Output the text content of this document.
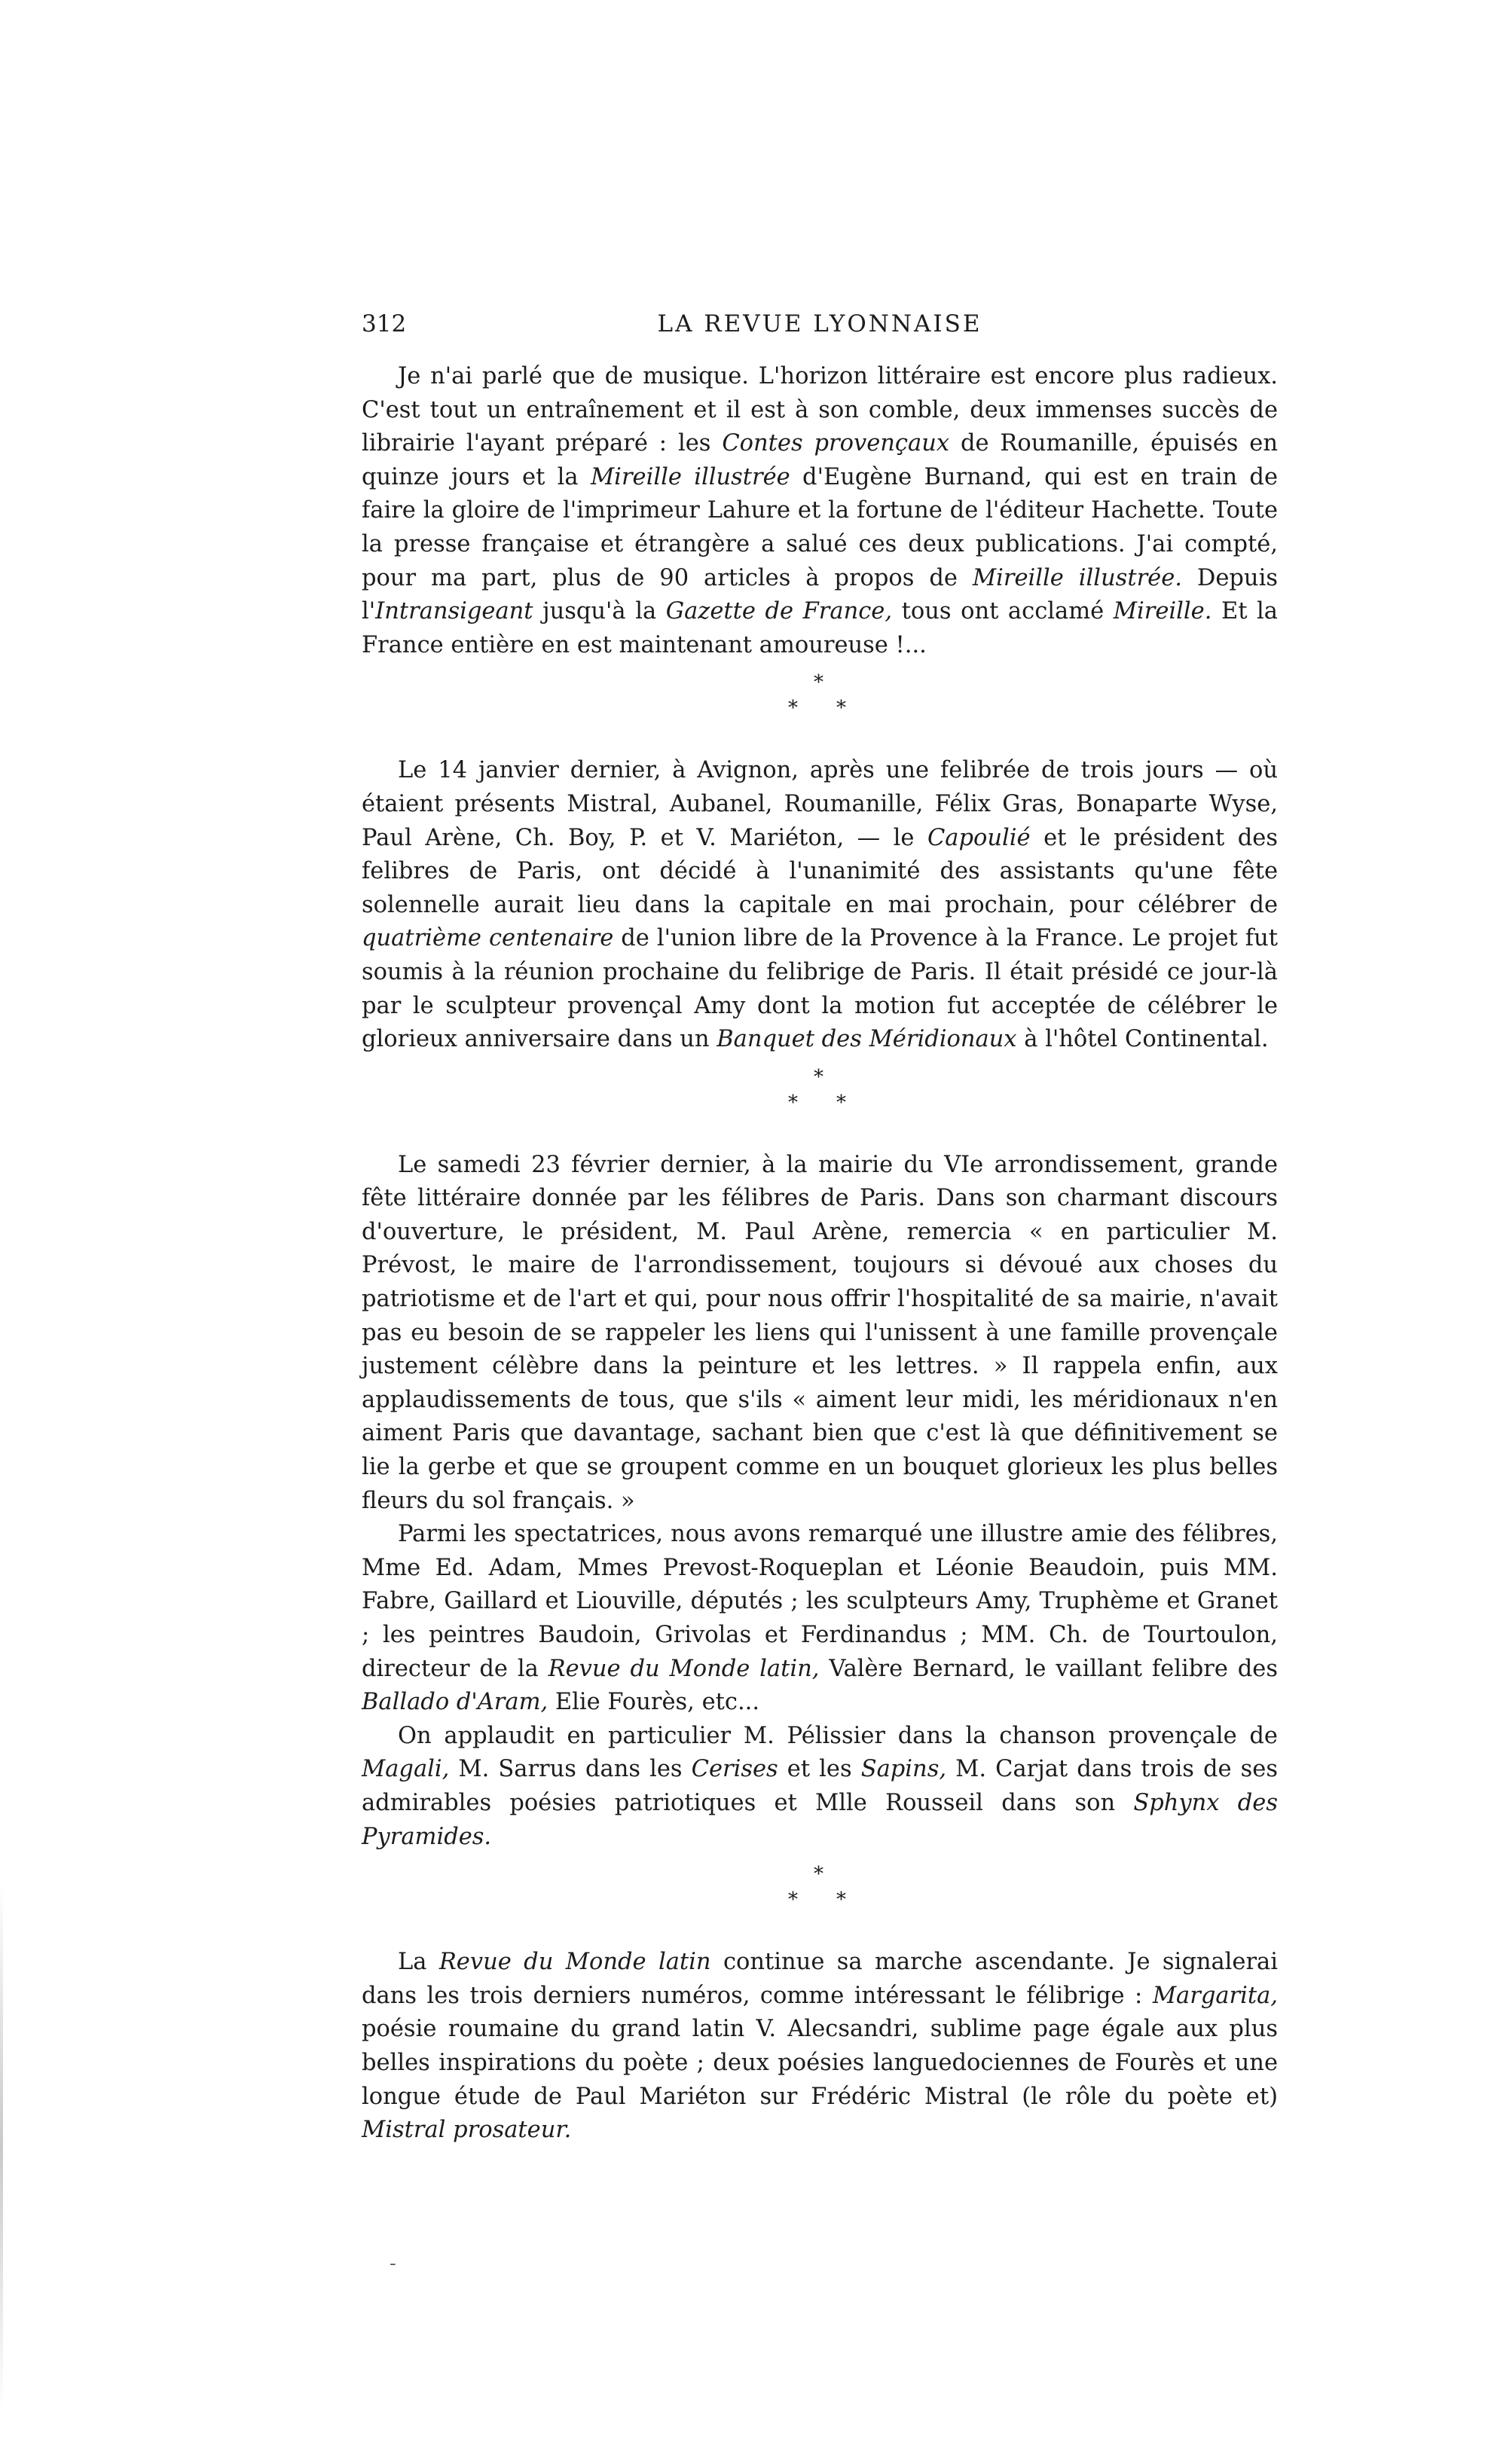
312	LA REVUE LYONNAISE

Je n'ai parlé que de musique. L'horizon littéraire est encore plus radieux. C'est tout un entraînement et il est à son comble, deux immenses succès de librairie l'ayant préparé : les Contes provençaux de Roumanille, épuisés en quinze jours et la Mireille illustrée d'Eugène Burnand, qui est en train de faire la gloire de l'imprimeur Lahure et la fortune de l'éditeur Hachette. Toute la presse française et étrangère a salué ces deux publications. J'ai compté, pour ma part, plus de 90 articles à propos de Mireille illustrée. Depuis l'Intransigeant jusqu'à la Gazette de France, tous ont acclamé Mireille. Et la France entière en est maintenant amoureuse !...

*
* *

Le 14 janvier dernier, à Avignon, après une felibrée de trois jours — où étaient présents Mistral, Aubanel, Roumanille, Félix Gras, Bonaparte Wyse, Paul Arène, Ch. Boy, P. et V. Mariéton, — le Capoulié et le président des felibres de Paris, ont décidé à l'unanimité des assistants qu'une fête solennelle aurait lieu dans la capitale en mai prochain, pour célébrer de quatrième centenaire de l'union libre de la Provence à la France. Le projet fut soumis à la réunion prochaine du felibrige de Paris. Il était présidé ce jour-là par le sculpteur provençal Amy dont la motion fut acceptée de célébrer le glorieux anniversaire dans un Banquet des Méridionaux à l'hôtel Continental.

*
* *

Le samedi 23 février dernier, à la mairie du VIe arrondissement, grande fête littéraire donnée par les félibres de Paris. Dans son charmant discours d'ouverture, le président, M. Paul Arène, remercia « en particulier M. Prévost, le maire de l'arrondissement, toujours si dévoué aux choses du patriotisme et de l'art et qui, pour nous offrir l'hospitalité de sa mairie, n'avait pas eu besoin de se rappeler les liens qui l'unissent à une famille provençale justement célèbre dans la peinture et les lettres. » Il rappela enfin, aux applaudissements de tous, que s'ils « aiment leur midi, les méridionaux n'en aiment Paris que davantage, sachant bien que c'est là que définitivement se lie la gerbe et que se groupent comme en un bouquet glorieux les plus belles fleurs du sol français. »

Parmi les spectatrices, nous avons remarqué une illustre amie des félibres, Mme Ed. Adam, Mmes Prevost-Roqueplan et Léonie Beaudoin, puis MM. Fabre, Gaillard et Liouville, députés ; les sculpteurs Amy, Truphème et Granet ; les peintres Baudoin, Grivolas et Ferdinandus ; MM. Ch. de Tourtoulon, directeur de la Revue du Monde latin, Valère Bernard, le vaillant felibre des Ballado d'Aram, Elie Fourès, etc...

On applaudit en particulier M. Pélissier dans la chanson provençale de Magali, M. Sarrus dans les Cerises et les Sapins, M. Carjat dans trois de ses admirables poésies patriotiques et Mlle Rousseil dans son Sphynx des Pyramides.

*
* *

La Revue du Monde latin continue sa marche ascendante. Je signalerai dans les trois derniers numéros, comme intéressant le félibrige : Margarita, poésie roumaine du grand latin V. Alecsandri, sublime page égale aux plus belles inspirations du poète ; deux poésies languedociennes de Fourès et une longue étude de Paul Mariéton sur Frédéric Mistral (le rôle du poète et) Mistral prosateur.

-
